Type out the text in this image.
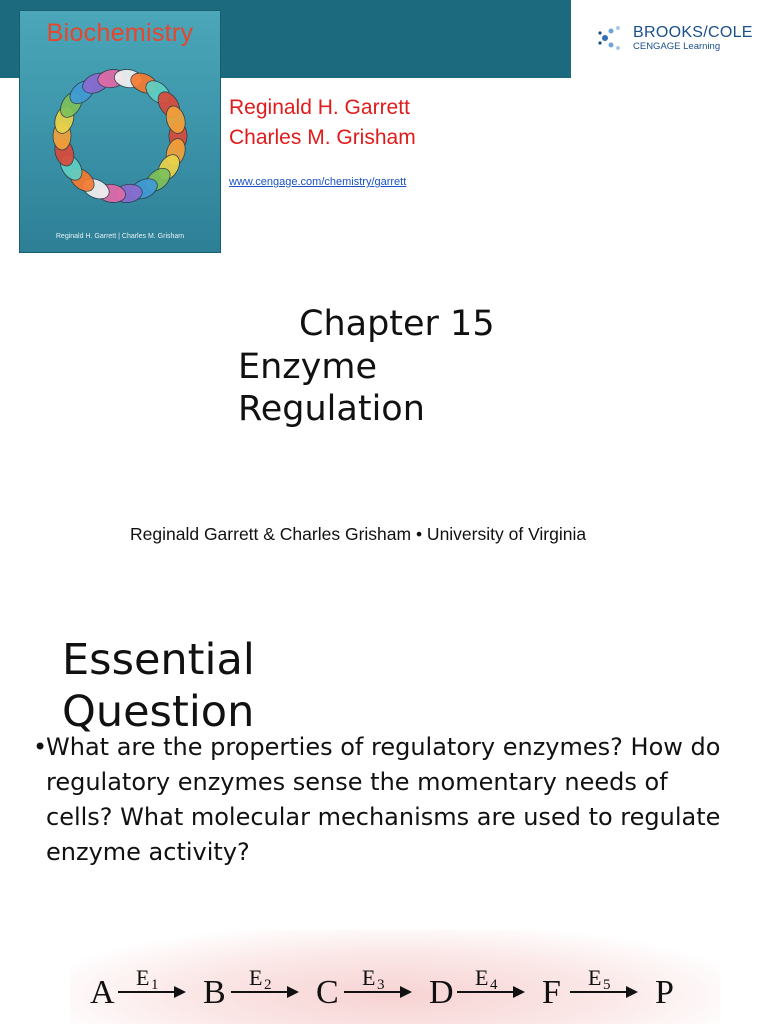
Biochemistry
Reginald H. Garrett | Charles M. Grisham
BROOKS/COLE
CENGAGE Learning
Reginald H. Garrett
Charles M. Grisham
www.cengage.com/chemistry/garrett
Chapter 15
Enzyme
Regulation
Reginald Garrett & Charles Grisham • University of Virginia
Essential
Question
•
What are the properties of regulatory enzymes? How do regulatory enzymes sense the momentary needs of cells? What molecular mechanisms are used to regulate enzyme activity?
A E 1 B E 2 C E 3 D E 4 F E 5 P
